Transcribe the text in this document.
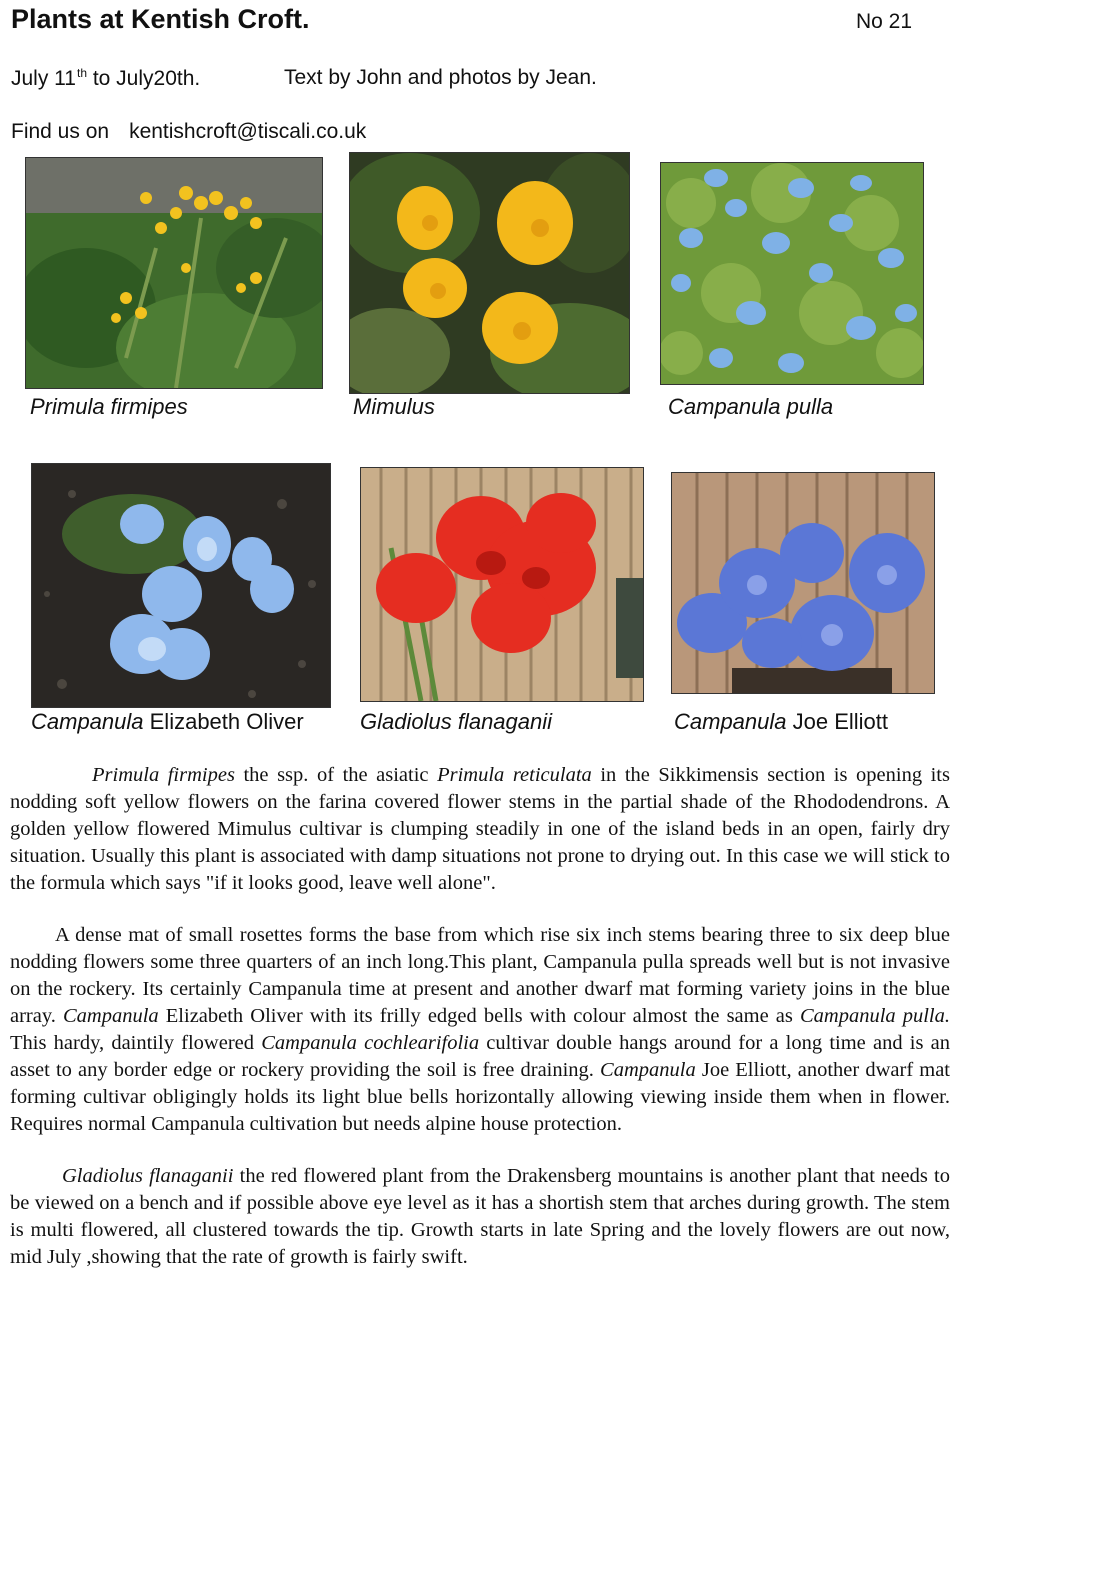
Plants at Kentish Croft.	No 21
July 11th to July20th.	Text by John and photos by Jean.
Find us on kentishcroft@tiscali.co.uk
Primula firmipes	Mimulus	Campanula pulla
Campanula Elizabeth Oliver	Gladiolus flanaganii	Campanula Joe Elliott

Primula firmipes the ssp. of the asiatic Primula reticulata in the Sikkimensis section is opening its nodding soft yellow flowers on the farina covered flower stems in the partial shade of the Rhododendrons. A golden yellow flowered Mimulus cultivar is clumping steadily in one of the island beds in an open, fairly dry situation. Usually this plant is associated with damp situations not prone to drying out. In this case we will stick to the formula which says "if it looks good, leave well alone".

A dense mat of small rosettes forms the base from which rise six inch stems bearing three to six deep blue nodding flowers some three quarters of an inch long.This plant, Campanula pulla spreads well but is not invasive on the rockery. Its certainly Campanula time at present and another dwarf mat forming variety joins in the blue array. Campanula Elizabeth Oliver with its frilly edged bells with colour almost the same as Campanula pulla. This hardy, daintily flowered Campanula cochlearifolia cultivar double hangs around for a long time and is an asset to any border edge or rockery providing the soil is free draining. Campanula Joe Elliott, another dwarf mat forming cultivar obligingly holds its light blue bells horizontally allowing viewing inside them when in flower. Requires normal Campanula cultivation but needs alpine house protection.

Gladiolus flanaganii the red flowered plant from the Drakensberg mountains is another plant that needs to be viewed on a bench and if possible above eye level as it has a shortish stem that arches during growth. The stem is multi flowered, all clustered towards the tip. Growth starts in late Spring and the lovely flowers are out now, mid July ,showing that the rate of growth is fairly swift.
